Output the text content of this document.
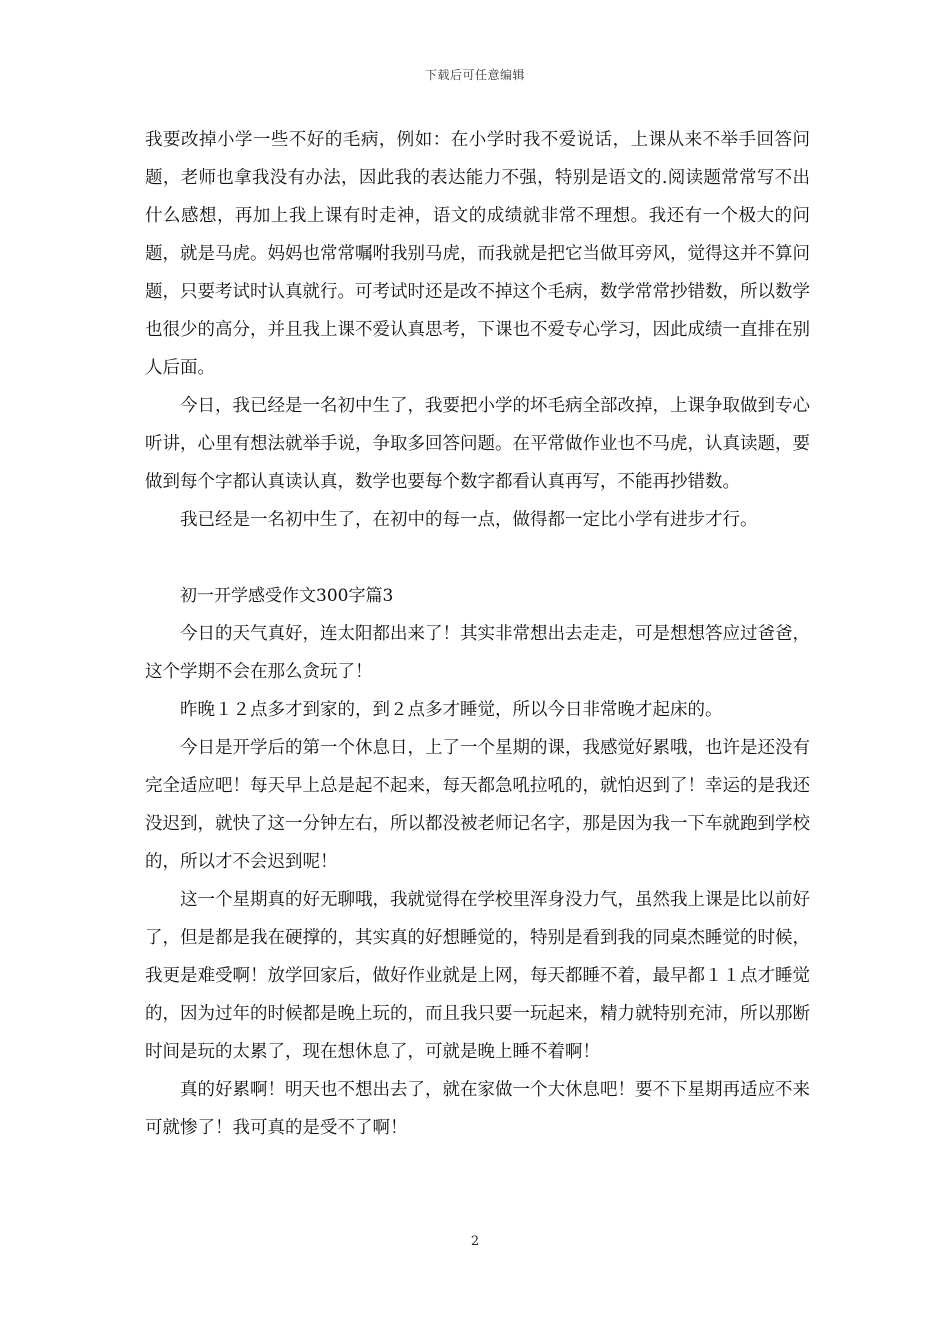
下载后可任意编辑

我要改掉小学一些不好的毛病，例如：在小学时我不爱说话，上课从来不举手回答问题，老师也拿我没有办法，因此我的表达能力不强，特别是语文的.阅读题常常写不出什么感想，再加上我上课有时走神，语文的成绩就非常不理想。我还有一个极大的问题，就是马虎。妈妈也常常嘱咐我别马虎，而我就是把它当做耳旁风，觉得这并不算问题，只要考试时认真就行。可考试时还是改不掉这个毛病，数学常常抄错数，所以数学也很少的高分，并且我上课不爱认真思考，下课也不爱专心学习，因此成绩一直排在别人后面。

今日，我已经是一名初中生了，我要把小学的坏毛病全部改掉，上课争取做到专心听讲，心里有想法就举手说，争取多回答问题。在平常做作业也不马虎，认真读题，要做到每个字都认真读认真，数学也要每个数字都看认真再写，不能再抄错数。

我已经是一名初中生了，在初中的每一点，做得都一定比小学有进步才行。

初一开学感受作文300字篇3

今日的天气真好，连太阳都出来了！其实非常想出去走走，可是想想答应过爸爸，这个学期不会在那么贪玩了！

昨晚１２点多才到家的，到２点多才睡觉，所以今日非常晚才起床的。

今日是开学后的第一个休息日，上了一个星期的课，我感觉好累哦，也许是还没有完全适应吧！每天早上总是起不起来，每天都急吼拉吼的，就怕迟到了！幸运的是我还没迟到，就快了这一分钟左右，所以都没被老师记名字，那是因为我一下车就跑到学校的，所以才不会迟到呢！

这一个星期真的好无聊哦，我就觉得在学校里浑身没力气，虽然我上课是比以前好了，但是都是我在硬撑的，其实真的好想睡觉的，特别是看到我的同桌杰睡觉的时候，我更是难受啊！放学回家后，做好作业就是上网，每天都睡不着，最早都１１点才睡觉的，因为过年的时候都是晚上玩的，而且我只要一玩起来，精力就特别充沛，所以那断时间是玩的太累了，现在想休息了，可就是晚上睡不着啊！

真的好累啊！明天也不想出去了，就在家做一个大休息吧！要不下星期再适应不来可就惨了！我可真的是受不了啊！

2
